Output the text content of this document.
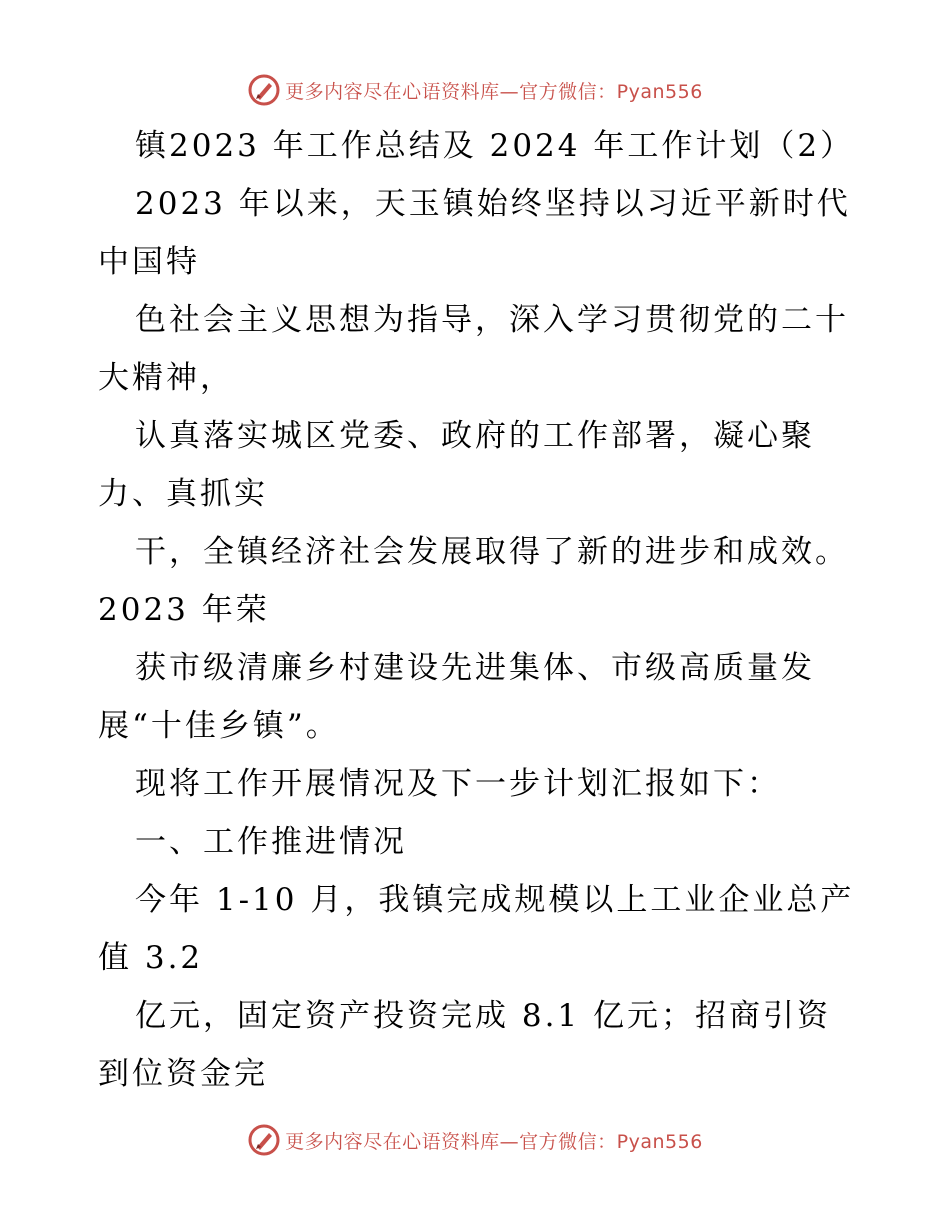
更多内容尽在心语资料库—官方微信：Pyan556
镇2023 年工作总结及 2024 年工作计划（2）
2023 年以来，天玉镇始终坚持以习近平新时代
中国特
色社会主义思想为指导，深入学习贯彻党的二十
大精神，
认真落实城区党委、政府的工作部署，凝心聚
力、真抓实
干，全镇经济社会发展取得了新的进步和成效。
2023 年荣
获市级清廉乡村建设先进集体、市级高质量发
展“十佳乡镇”。
现将工作开展情况及下一步计划汇报如下：
一、工作推进情况
今年 1-10 月，我镇完成规模以上工业企业总产
值 3.2
亿元，固定资产投资完成 8.1 亿元；招商引资
到位资金完
更多内容尽在心语资料库—官方微信：Pyan556
